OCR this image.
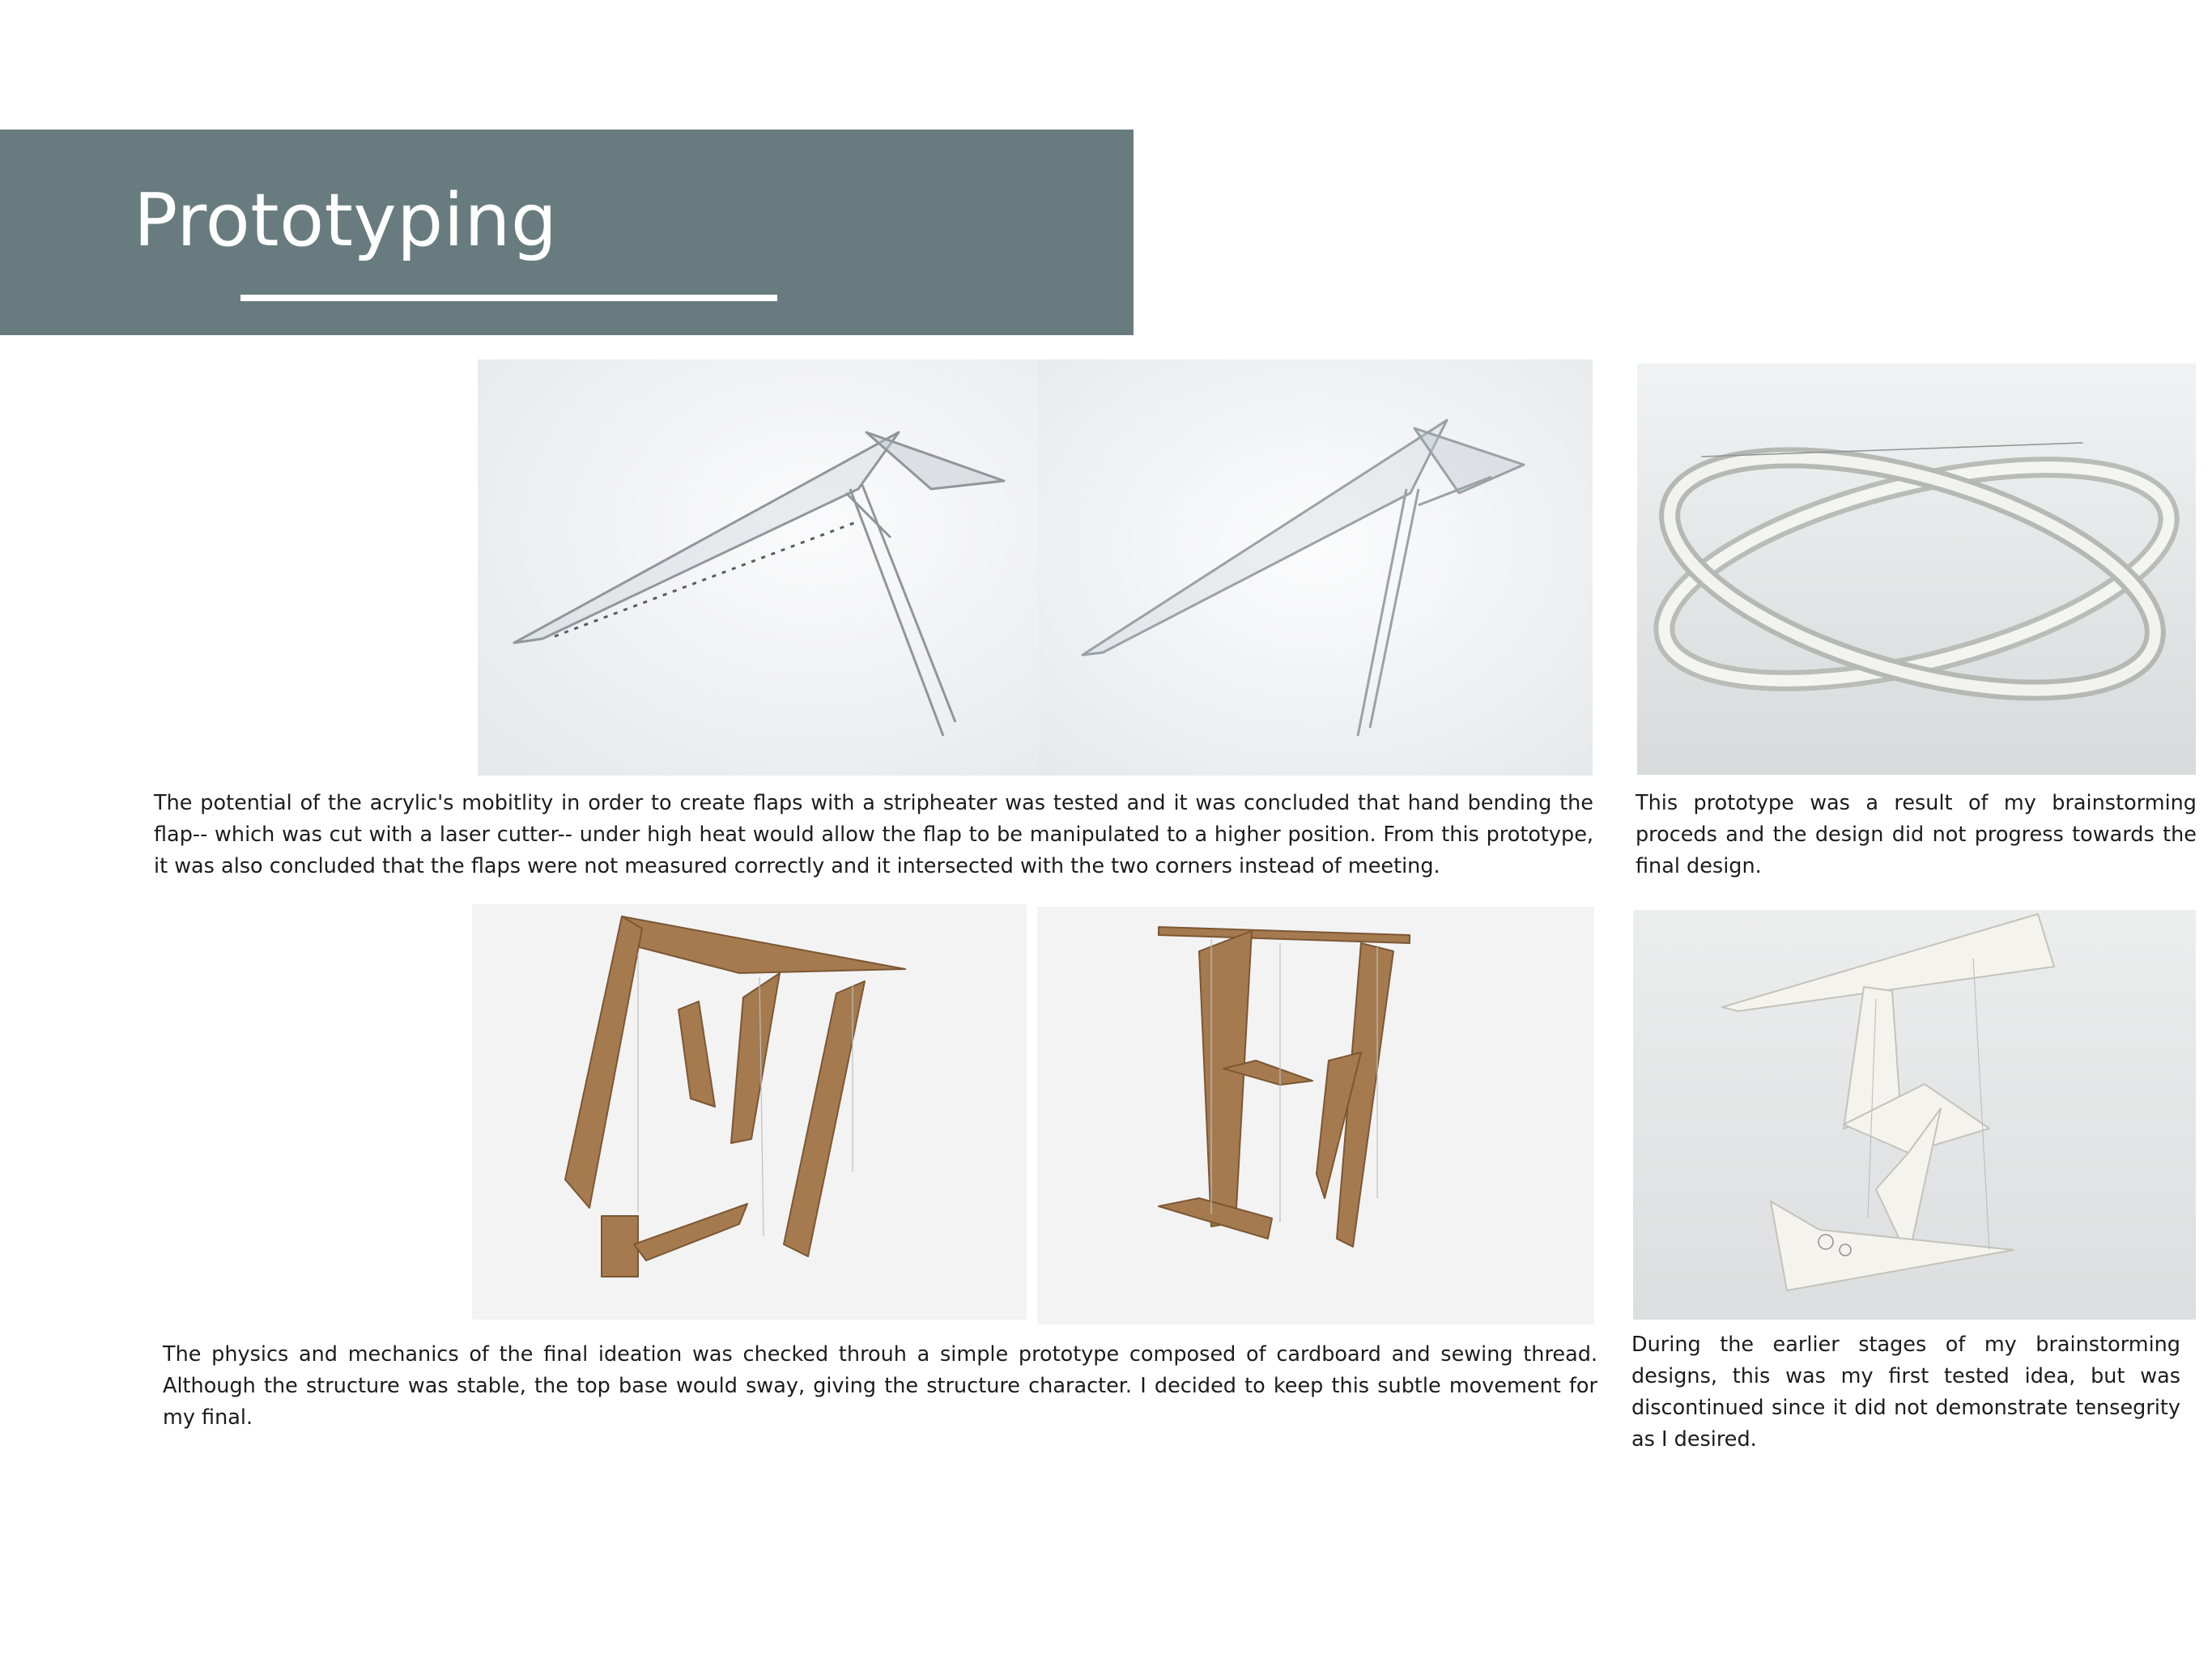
Prototyping

The potential of the acrylic's mobitlity in order to create flaps with a stripheater was tested and it was concluded that hand bending the flap-- which was cut with a laser cutter-- under high heat would allow the flap to be manipulated to a higher position. From this prototype, it was also concluded that the flaps were not measured correctly and it intersected with the two corners instead of meeting.

This prototype was a result of my brainstorming proceds and the design did not progress towards the final design.

The physics and mechanics of the final ideation was checked throuh a simple prototype composed of cardboard and sewing thread. Although the structure was stable, the top base would sway, giving the structure character. I decided to keep this subtle movement for my final.

During the earlier stages of my brainstorming designs, this was my first tested idea, but was discontinued since it did not demonstrate tensegrity as I desired.
